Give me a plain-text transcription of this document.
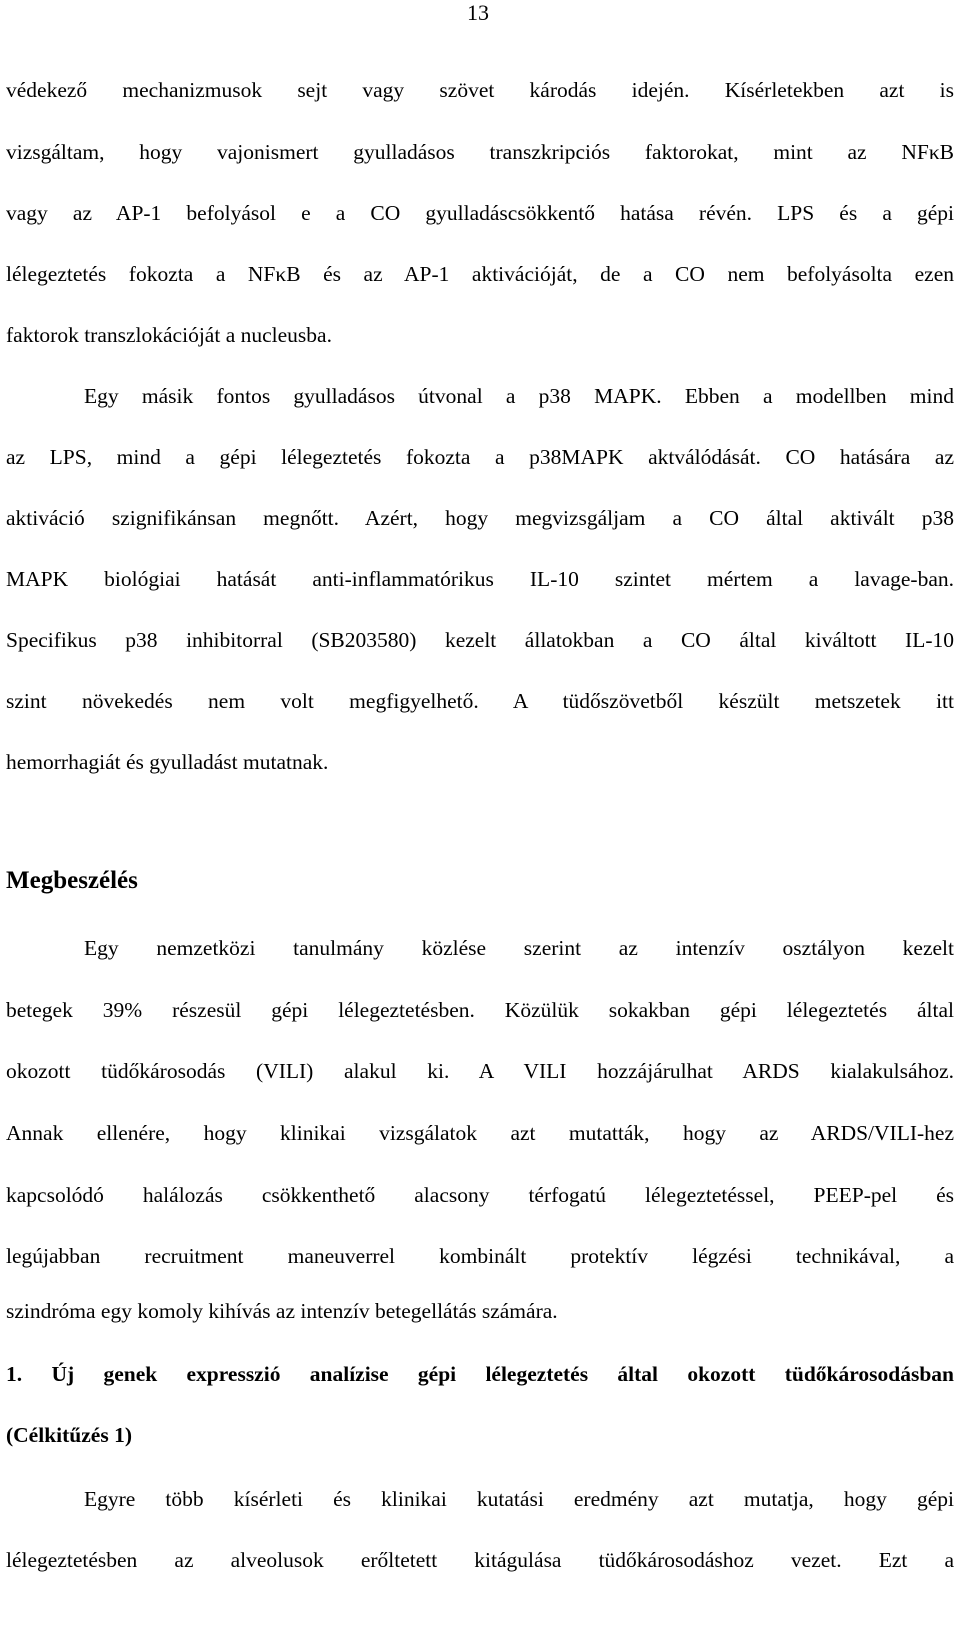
13
védekező mechanizmusok sejt vagy szövet károdás idején. Kísérletekben azt is
vizsgáltam, hogy vajonismert gyulladásos transzkripciós faktorokat, mint az NFκB
vagy az AP-1 befolyásol e a CO gyulladáscsökkentő hatása révén. LPS és a gépi
lélegeztetés fokozta a NFκB és az AP-1 aktivációját, de a CO nem befolyásolta ezen
faktorok transzlokációját a nucleusba.
Egy másik fontos gyulladásos útvonal a p38 MAPK. Ebben a modellben mind
az LPS, mind a gépi lélegeztetés fokozta a p38MAPK aktválódását. CO hatására az
aktiváció szignifikánsan megnőtt. Azért, hogy megvizsgáljam a CO által aktivált p38
MAPK biológiai hatását anti-inflammatórikus IL-10 szintet mértem a lavage-ban.
Specifikus p38 inhibitorral (SB203580) kezelt állatokban a CO által kiváltott IL-10
szint növekedés nem volt megfigyelhető. A tüdőszövetből készült metszetek itt
hemorrhagiát és gyulladást mutatnak.
Megbeszélés
Egy nemzetközi tanulmány közlése szerint az intenzív osztályon kezelt
betegek 39% részesül gépi lélegeztetésben. Közülük sokakban gépi lélegeztetés által
okozott tüdőkárosodás (VILI) alakul ki. A VILI hozzájárulhat ARDS kialakulsához.
Annak ellenére, hogy klinikai vizsgálatok azt mutatták, hogy az ARDS/VILI-hez
kapcsolódó halálozás csökkenthető alacsony térfogatú lélegeztetéssel, PEEP-pel és
legújabban recruitment maneuverrel kombinált protektív légzési technikával, a
szindróma egy komoly kihívás az intenzív betegellátás számára.
1. Új genek expresszió analízise gépi lélegeztetés által okozott tüdőkárosodásban
(Célkitűzés 1)
Egyre több kísérleti és klinikai kutatási eredmény azt mutatja, hogy gépi
lélegeztetésben az alveolusok erőltetett kitágulása tüdőkárosodáshoz vezet. Ezt a
